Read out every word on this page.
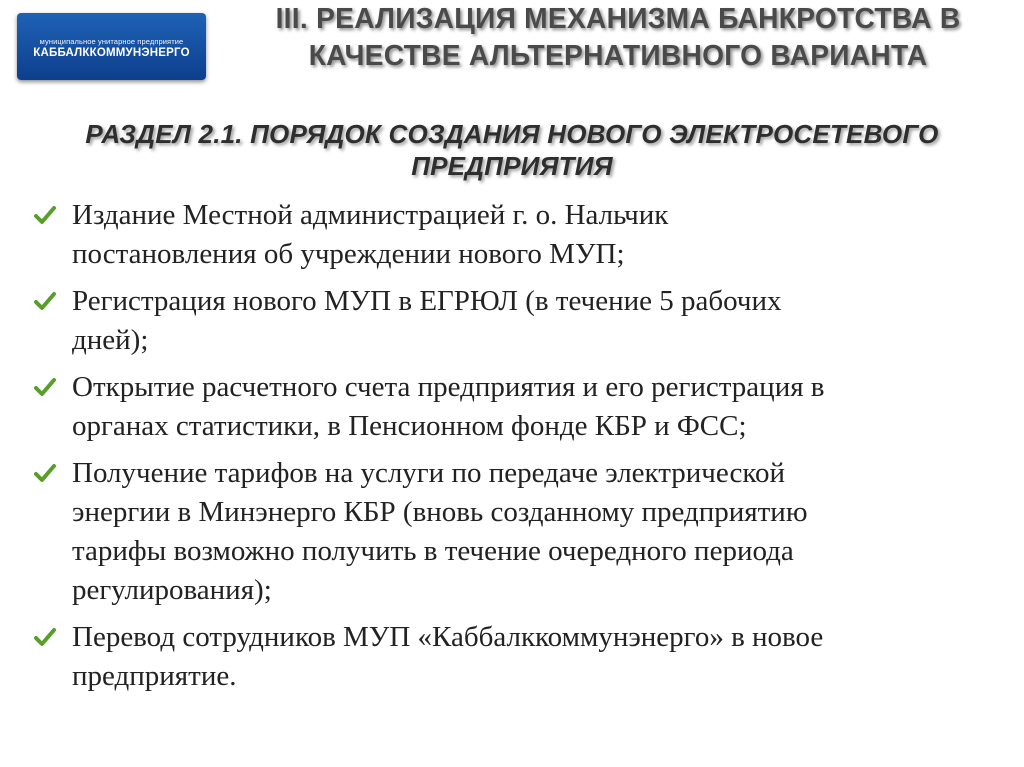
муниципальное унитарное предприятие
КАББАЛККОММУНЭНЕРГО
III. РЕАЛИЗАЦИЯ МЕХАНИЗМА БАНКРОТСТВА В
КАЧЕСТВЕ АЛЬТЕРНАТИВНОГО ВАРИАНТА
РАЗДЕЛ 2.1. ПОРЯДОК СОЗДАНИЯ НОВОГО ЭЛЕКТРОСЕТЕВОГО
ПРЕДПРИЯТИЯ
Издание Местной администрацией г. о. Нальчик
постановления об учреждении нового МУП;
Регистрация нового МУП в ЕГРЮЛ (в течение 5 рабочих
дней);
Открытие расчетного счета предприятия и его регистрация в
органах статистики, в Пенсионном фонде КБР и ФСС;
Получение тарифов на услуги по передаче электрической
энергии в Минэнерго КБР (вновь созданному предприятию
тарифы возможно получить в течение очередного периода
регулирования);
Перевод сотрудников МУП «Каббалккоммунэнерго» в новое
предприятие.
